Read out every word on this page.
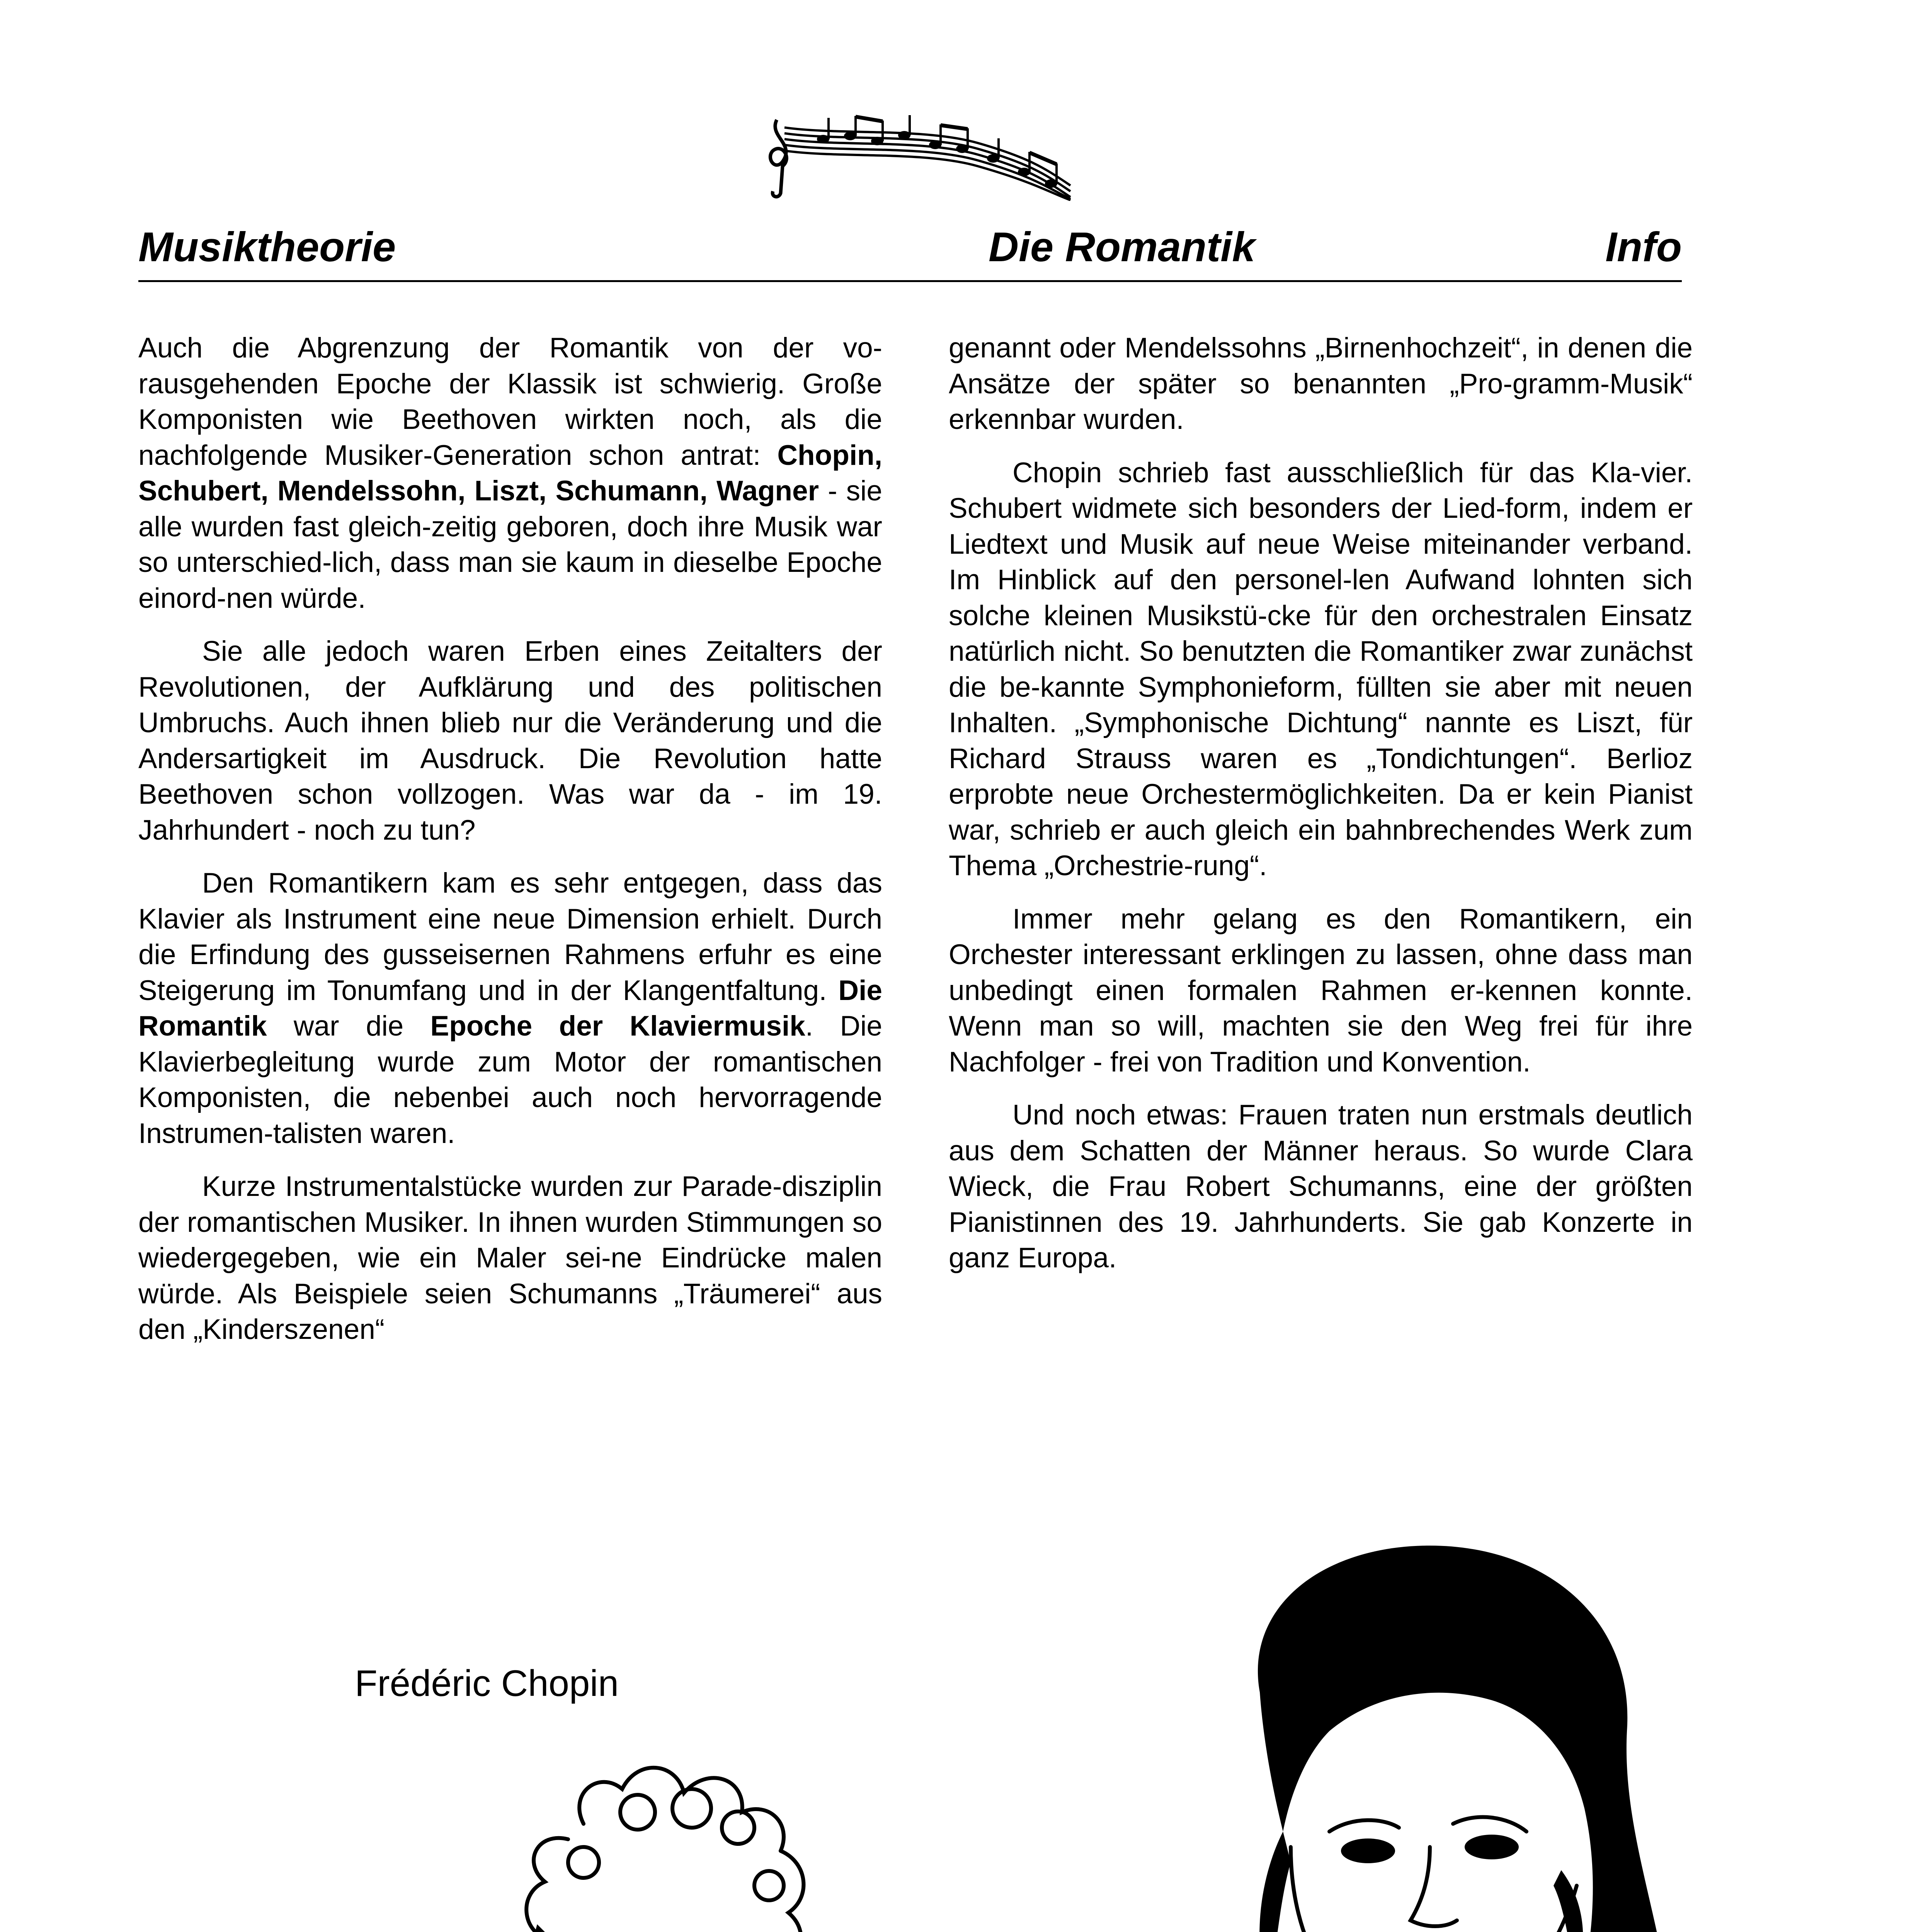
Musiktheorie	Die Romantik	Info

Auch die Abgrenzung der Romantik von der vo-rausgehenden Epoche der Klassik ist schwierig. Große Komponisten wie Beethoven wirkten noch, als die nachfolgende Musiker-Generation schon antrat: Chopin, Schubert, Mendelssohn, Liszt, Schumann, Wagner - sie alle wurden fast gleich-zeitig geboren, doch ihre Musik war so unterschied-lich, dass man sie kaum in dieselbe Epoche einord-nen würde.

Sie alle jedoch waren Erben eines Zeitalters der Revolutionen, der Aufklärung und des politischen Umbruchs. Auch ihnen blieb nur die Veränderung und die Andersartigkeit im Ausdruck. Die Revolution hatte Beethoven schon vollzogen. Was war da - im 19. Jahrhundert - noch zu tun?

Den Romantikern kam es sehr entgegen, dass das Klavier als Instrument eine neue Dimension erhielt. Durch die Erfindung des gusseisernen Rahmens erfuhr es eine Steigerung im Tonumfang und in der Klangentfaltung. Die Romantik war die Epoche der Klaviermusik. Die Klavierbegleitung wurde zum Motor der romantischen Komponisten, die nebenbei auch noch hervorragende Instrumen-talisten waren.

Kurze Instrumentalstücke wurden zur Parade-disziplin der romantischen Musiker. In ihnen wurden Stimmungen so wiedergegeben, wie ein Maler sei-ne Eindrücke malen würde. Als Beispiele seien Schumanns „Träumerei“ aus den „Kinderszenen“

genannt oder Mendelssohns „Birnenhochzeit“, in denen die Ansätze der später so benannten „Pro-gramm-Musik“ erkennbar wurden.

Chopin schrieb fast ausschließlich für das Kla-vier. Schubert widmete sich besonders der Lied-form, indem er Liedtext und Musik auf neue Weise miteinander verband. Im Hinblick auf den personel-len Aufwand lohnten sich solche kleinen Musikstü-cke für den orchestralen Einsatz natürlich nicht. So benutzten die Romantiker zwar zunächst die be-kannte Symphonieform, füllten sie aber mit neuen Inhalten. „Symphonische Dichtung“ nannte es Liszt, für Richard Strauss waren es „Tondichtungen“. Berlioz erprobte neue Orchestermöglichkeiten. Da er kein Pianist war, schrieb er auch gleich ein bahnbrechendes Werk zum Thema „Orchestrie-rung“.

Immer mehr gelang es den Romantikern, ein Orchester interessant erklingen zu lassen, ohne dass man unbedingt einen formalen Rahmen er-kennen konnte. Wenn man so will, machten sie den Weg frei für ihre Nachfolger - frei von Tradition und Konvention.

Und noch etwas: Frauen traten nun erstmals deutlich aus dem Schatten der Männer heraus. So wurde Clara Wieck, die Frau Robert Schumanns, eine der größten Pianistinnen des 19. Jahrhunderts. Sie gab Konzerte in ganz Europa.

Frédéric Chopin
